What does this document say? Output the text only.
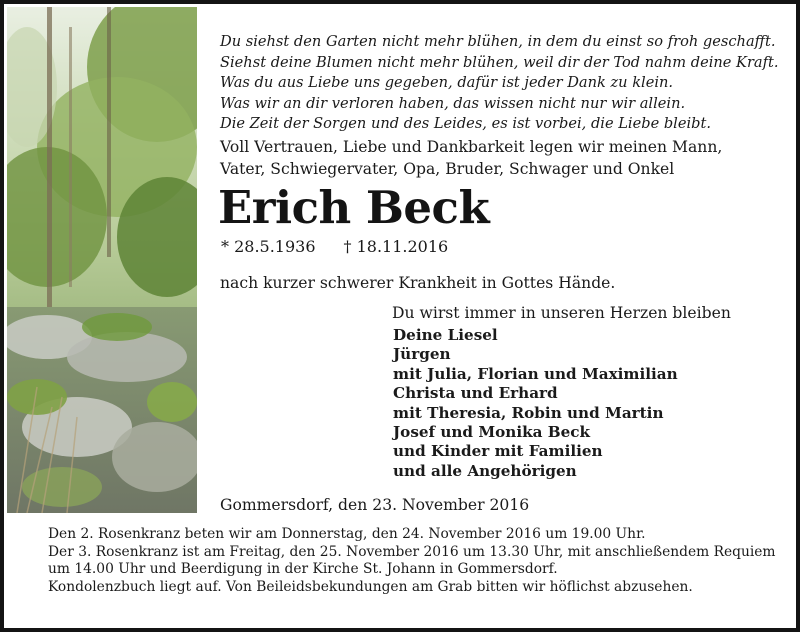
Du siehst den Garten nicht mehr blühen, in dem du einst so froh geschafft.
Siehst deine Blumen nicht mehr blühen, weil dir der Tod nahm deine Kraft.
Was du aus Liebe uns gegeben, dafür ist jeder Dank zu klein.
Was wir an dir verloren haben, das wissen nicht nur wir allein.
Die Zeit der Sorgen und des Leides, es ist vorbei, die Liebe bleibt.
Voll Vertrauen, Liebe und Dankbarkeit legen wir meinen Mann,
Vater, Schwiegervater, Opa, Bruder, Schwager und Onkel
Erich Beck
* 28.5.1936 † 18.11.2016
nach kurzer schwerer Krankheit in Gottes Hände.
Du wirst immer in unseren Herzen bleiben
Deine Liesel
Jürgen
mit Julia, Florian und Maximilian
Christa und Erhard
mit Theresia, Robin und Martin
Josef und Monika Beck
und Kinder mit Familien
und alle Angehörigen
Gommersdorf, den 23. November 2016

Den 2. Rosenkranz beten wir am Donnerstag, den 24. November 2016 um 19.00 Uhr.

Der 3. Rosenkranz ist am Freitag, den 25. November 2016 um 13.30 Uhr, mit anschließendem Requiem um 14.00 Uhr und Beerdigung in der Kirche St. Johann in Gommersdorf.

Kondolenzbuch liegt auf. Von Beileidsbekundungen am Grab bitten wir höflichst abzusehen.
